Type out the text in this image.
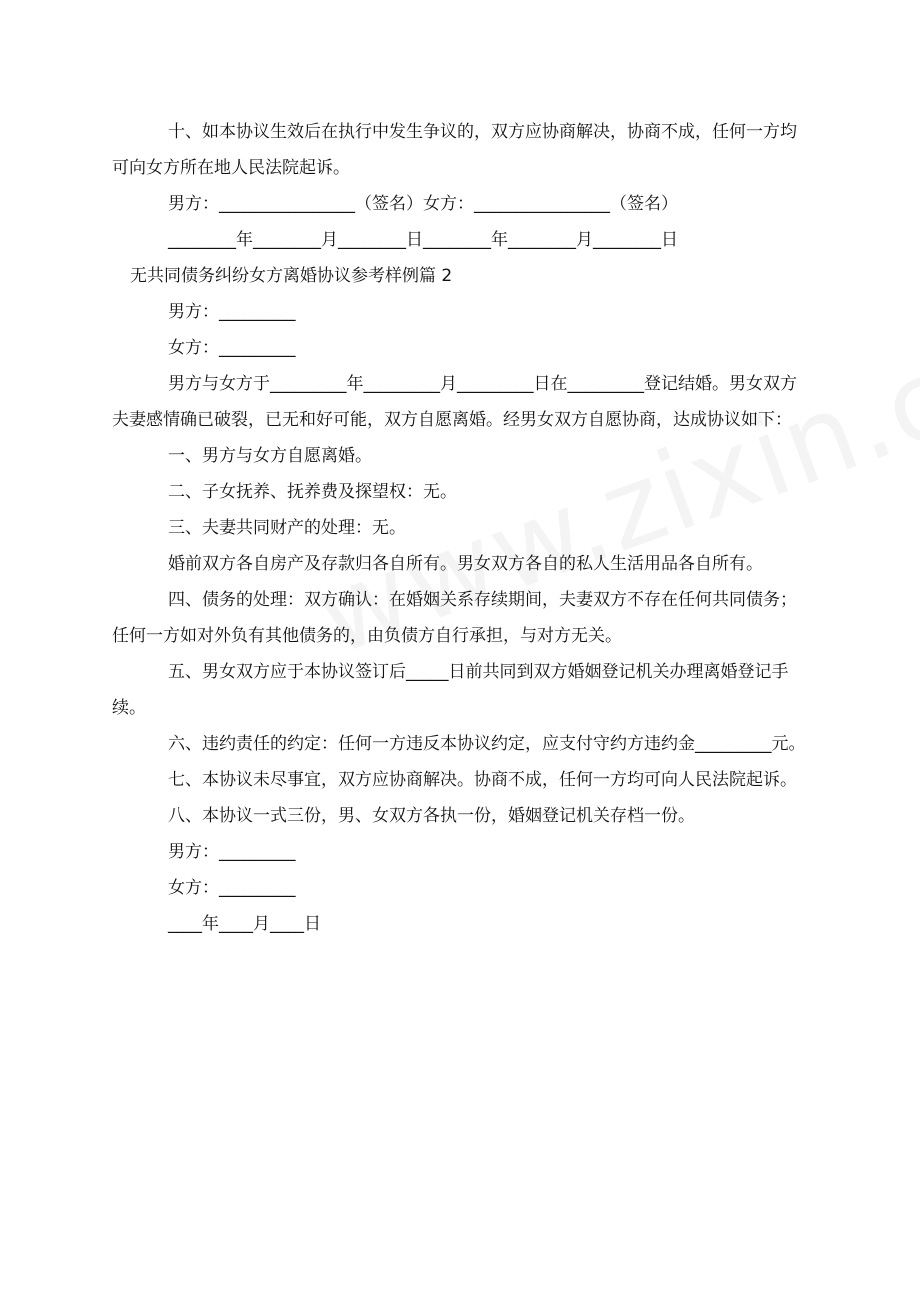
十、如本协议生效后在执行中发生争议的，双方应协商解决，协商不成，任何一方均可向女方所在地人民法院起诉。

男方：________________（签名）女方：________________（签名）

________年________月________日________年________月________日

无共同债务纠纷女方离婚协议参考样例篇 2

男方：_________

女方：_________

男方与女方于_________年_________月_________日在_________登记结婚。男女双方夫妻感情确已破裂，已无和好可能，双方自愿离婚。经男女双方自愿协商，达成协议如下：

一、男方与女方自愿离婚。

二、子女抚养、抚养费及探望权：无。

三、夫妻共同财产的处理：无。

婚前双方各自房产及存款归各自所有。男女双方各自的私人生活用品各自所有。

四、债务的处理：双方确认：在婚姻关系存续期间，夫妻双方不存在任何共同债务；任何一方如对外负有其他债务的，由负债方自行承担，与对方无关。

五、男女双方应于本协议签订后_____日前共同到双方婚姻登记机关办理离婚登记手续。

六、违约责任的约定：任何一方违反本协议约定，应支付守约方违约金_________元。

七、本协议未尽事宜，双方应协商解决。协商不成，任何一方均可向人民法院起诉。

八、本协议一式三份，男、女双方各执一份，婚姻登记机关存档一份。

男方：_________

女方：_________

____年____月____日
